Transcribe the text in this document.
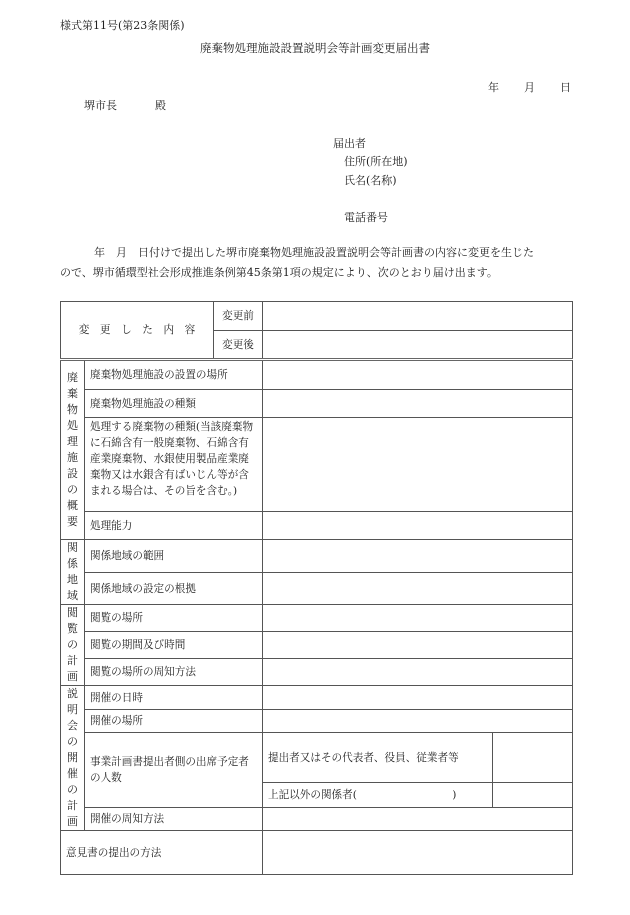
様式第11号(第23条関係)
廃棄物処理施設設置説明会等計画変更届出書
年 月 日
堺市長	殿
届出者
住所(所在地)
氏名(名称)
電話番号
年　月　日付けで提出した堺市廃棄物処理施設設置説明会等計画書の内容に変更を生じた
ので、堺市循環型社会形成推進条例第45条第1項の規定により、次のとおり届け出ます。
変　更　し　た　内　容		変更前		
		変更後		
廃棄物処理施設の概要	廃棄物処理施設の設置の場所			
	廃棄物処理施設の種類			
	処理する廃棄物の種類(当該廃棄物に石綿含有一般廃棄物、石綿含有産業廃棄物、水銀使用製品産業廃棄物又は水銀含有ばいじん等が含まれる場合は、その旨を含む。)			
	処理能力			
関係地域	関係地域の範囲			
	関係地域の設定の根拠			
閲覧の計画	閲覧の場所			
	閲覧の期間及び時間			
	閲覧の場所の周知方法			
説明会の開催の計画	開催の日時			
	開催の場所			
	事業計画書提出者側の出席予定者の人数		提出者又はその代表者、役員、従業者等	
			上記以外の関係者(　　　　　　　　　)	
	開催の周知方法			
意見書の提出の方法				
